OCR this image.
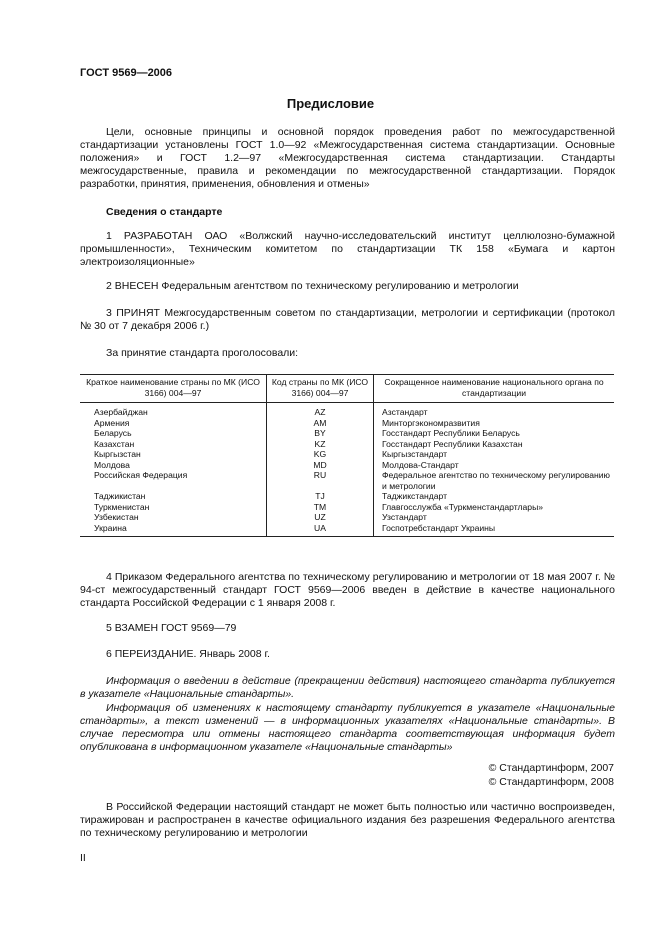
ГОСТ 9569—2006
Предисловие

Цели, основные принципы и основной порядок проведения работ по межгосударственной стандартизации установлены ГОСТ 1.0—92 «Межгосударственная система стандартизации. Основные положения» и ГОСТ 1.2—97 «Межгосударственная система стандартизации. Стандарты межгосударственные, правила и рекомендации по межгосударственной стандартизации. Порядок разработки, принятия, применения, обновления и отмены»

Сведения о стандарте

1 РАЗРАБОТАН ОАО «Волжский научно-исследовательский институт целлюлозно-бумажной промышленности», Техническим комитетом по стандартизации ТК 158 «Бумага и картон электроизоляционные»

2 ВНЕСЕН Федеральным агентством по техническому регулированию и метрологии

3 ПРИНЯТ Межгосударственным советом по стандартизации, метрологии и сертификации (протокол № 30 от 7 декабря 2006 г.)

За принятие стандарта проголосовали:

Краткое наименование страны по МК (ИСО 3166) 004—97	Код страны по МК (ИСО 3166) 004—97	Сокращенное наименование национального органа по стандартизации
Азербайджан	AZ	Азстандарт
Армения	AM	Минторгэкономразвития
Беларусь	BY	Госстандарт Республики Беларусь
Казахстан	KZ	Госстандарт Республики Казахстан
Кыргызстан	KG	Кыргызстандарт
Молдова	MD	Молдова-Стандарт
Российская Федерация	RU	Федеральное агентство по техническому регулированию и метрологии
Таджикистан	TJ	Таджикстандарт
Туркменистан	TM	Главгосслужба «Туркменстандартлары»
Узбекистан	UZ	Узстандарт
Украина	UA	Госпотребстандарт Украины

4 Приказом Федерального агентства по техническому регулированию и метрологии от 18 мая 2007 г. № 94-ст межгосударственный стандарт ГОСТ 9569—2006 введен в действие в качестве национального стандарта Российской Федерации с 1 января 2008 г.

5 ВЗАМЕН ГОСТ 9569—79

6 ПЕРЕИЗДАНИЕ. Январь 2008 г.

Информация о введении в действие (прекращении действия) настоящего стандарта публикуется в указателе «Национальные стандарты».

Информация об изменениях к настоящему стандарту публикуется в указателе «Национальные стандарты», а текст изменений — в информационных указателях «Национальные стандарты». В случае пересмотра или отмены настоящего стандарта соответствующая информация будет опубликована в информационном указателе «Национальные стандарты»

© Стандартинформ, 2007
© Стандартинформ, 2008

В Российской Федерации настоящий стандарт не может быть полностью или частично воспроизведен, тиражирован и распространен в качестве официального издания без разрешения Федерального агентства по техническому регулированию и метрологии

II
